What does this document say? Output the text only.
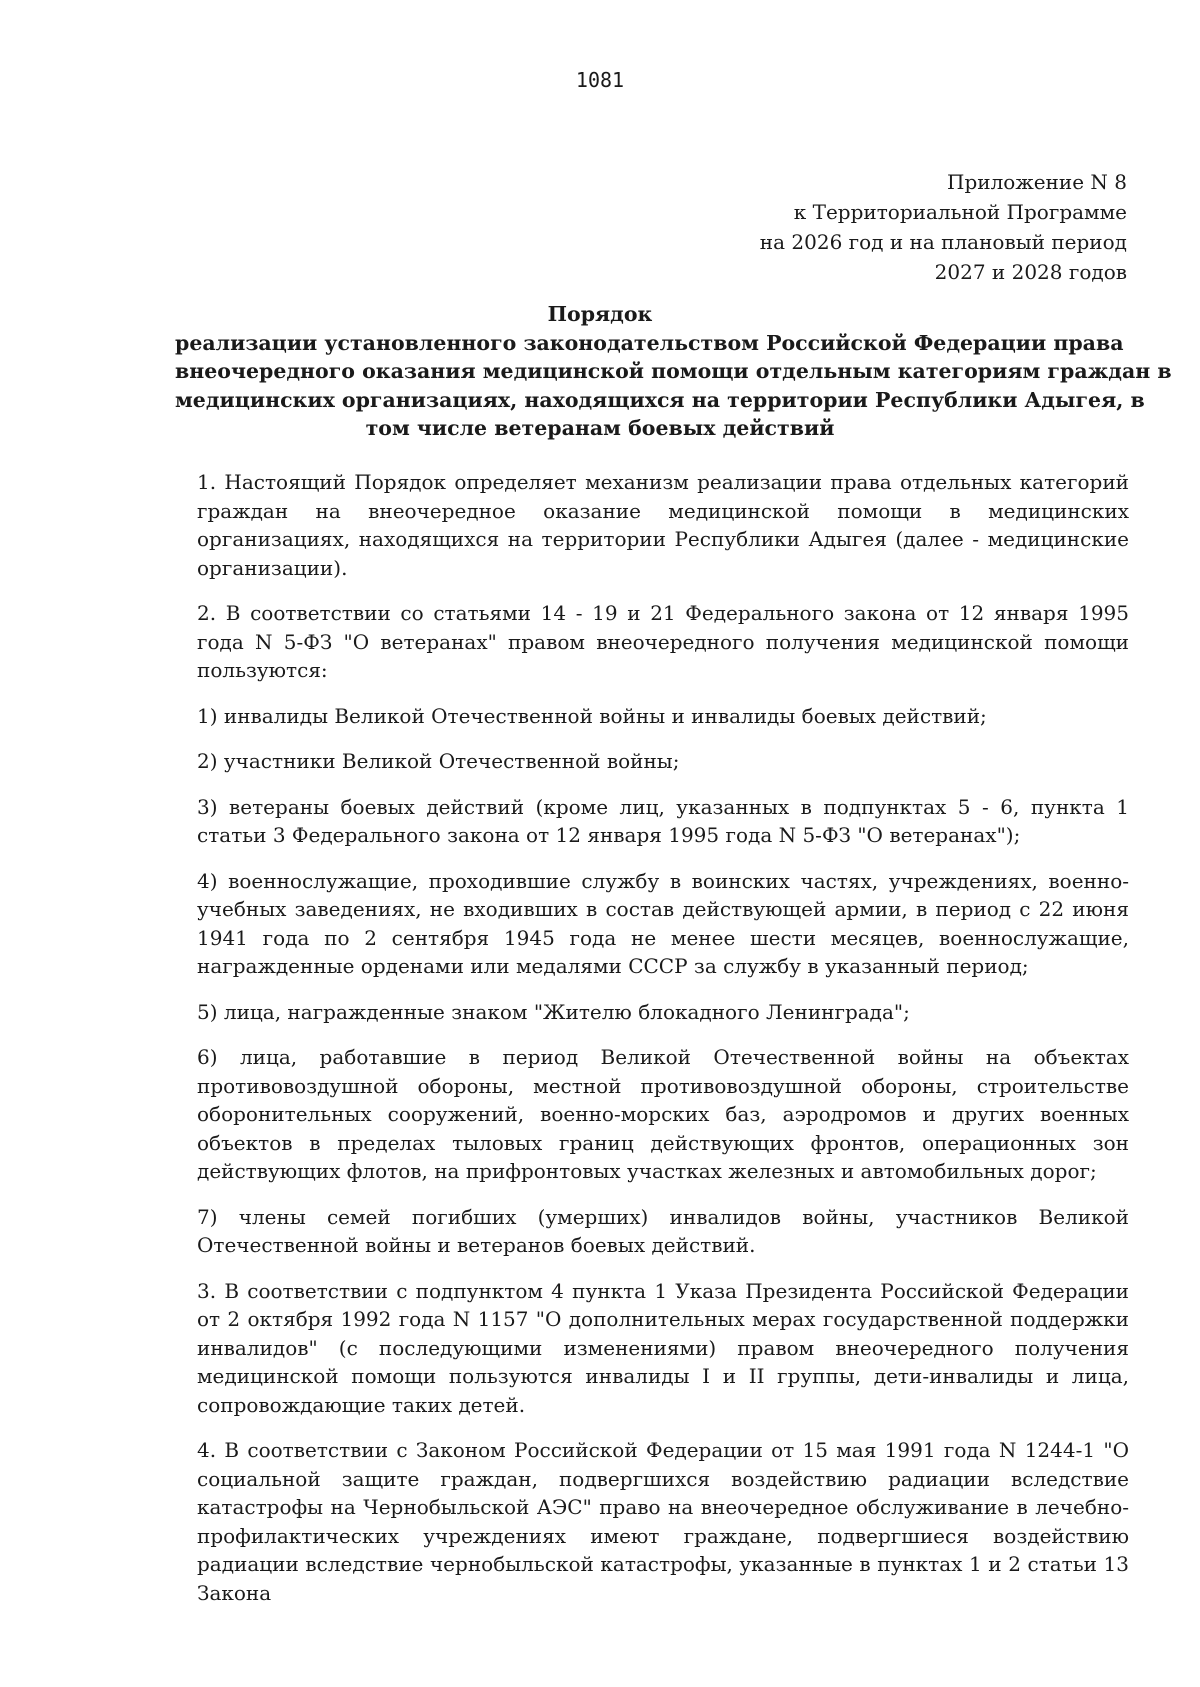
1081
Приложение N 8
к Территориальной Программе
на 2026 год и на плановый период
2027 и 2028 годов
Порядок
реализации установленного законодательством Российской Федерации права
внеочередного оказания медицинской помощи отдельным категориям граждан в
медицинских организациях, находящихся на территории Республики Адыгея, в
том числе ветеранам боевых действий

1. Настоящий Порядок определяет механизм реализации права отдельных категорий граждан на внеочередное оказание медицинской помощи в медицинских организациях, находящихся на территории Республики Адыгея (далее - медицинские организации).

2. В соответствии со статьями 14 - 19 и 21 Федерального закона от 12 января 1995 года N 5-ФЗ "О ветеранах" правом внеочередного получения медицинской помощи пользуются:

1) инвалиды Великой Отечественной войны и инвалиды боевых действий;

2) участники Великой Отечественной войны;

3) ветераны боевых действий (кроме лиц, указанных в подпунктах 5 - 6, пункта 1 статьи 3 Федерального закона от 12 января 1995 года N 5-ФЗ "О ветеранах");

4) военнослужащие, проходившие службу в воинских частях, учреждениях, военно-учебных заведениях, не входивших в состав действующей армии, в период с 22 июня 1941 года по 2 сентября 1945 года не менее шести месяцев, военнослужащие, награжденные орденами или медалями СССР за службу в указанный период;

5) лица, награжденные знаком "Жителю блокадного Ленинграда";

6) лица, работавшие в период Великой Отечественной войны на объектах противовоздушной обороны, местной противовоздушной обороны, строительстве оборонительных сооружений, военно-морских баз, аэродромов и других военных объектов в пределах тыловых границ действующих фронтов, операционных зон действующих флотов, на прифронтовых участках железных и автомобильных дорог;

7) члены семей погибших (умерших) инвалидов войны, участников Великой Отечественной войны и ветеранов боевых действий.

3. В соответствии с подпунктом 4 пункта 1 Указа Президента Российской Федерации от 2 октября 1992 года N 1157 "О дополнительных мерах государственной поддержки инвалидов" (с последующими изменениями) правом внеочередного получения медицинской помощи пользуются инвалиды I и II группы, дети-инвалиды и лица, сопровождающие таких детей.

4. В соответствии с Законом Российской Федерации от 15 мая 1991 года N 1244-1 "О социальной защите граждан, подвергшихся воздействию радиации вследствие катастрофы на Чернобыльской АЭС" право на внеочередное обслуживание в лечебно-профилактических учреждениях имеют граждане, подвергшиеся воздействию радиации вследствие чернобыльской катастрофы, указанные в пунктах 1 и 2 статьи 13 Закона
